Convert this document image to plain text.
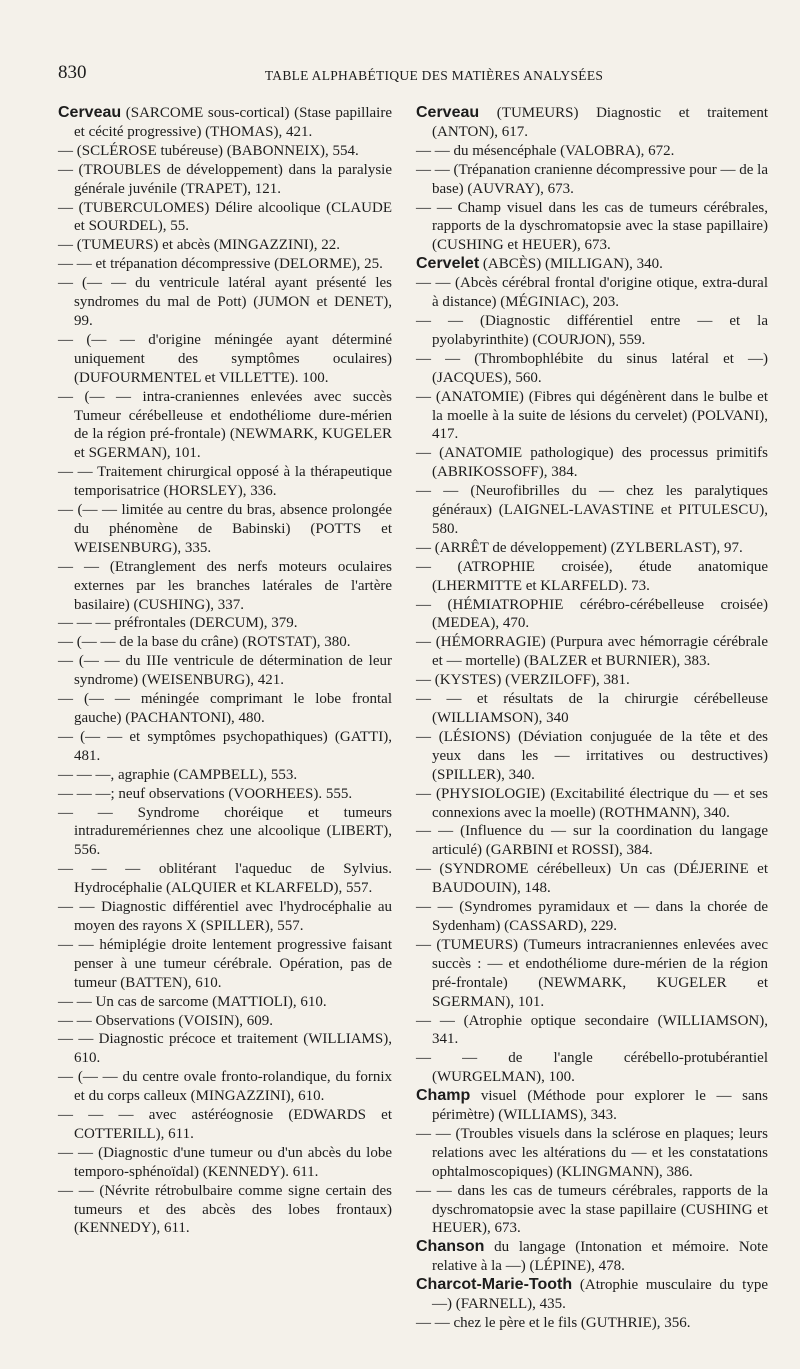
830	TABLE ALPHABÉTIQUE DES MATIÈRES ANALYSÉES

Cerveau (SARCOME sous-cortical) (Stase papillaire et cécité progressive) (THOMAS), 421.

— (SCLÉROSE tubéreuse) (BABONNEIX), 554.

— (TROUBLES de développement) dans la paralysie générale juvénile (TRAPET), 121.

— (TUBERCULOMES) Délire alcoolique (CLAUDE et SOURDEL), 55.

— (TUMEURS) et abcès (MINGAZZINI), 22.

— — et trépanation décompressive (DELORME), 25.

— (— — du ventricule latéral ayant présenté les syndromes du mal de Pott) (JUMON et DENET), 99.

— (— — d'origine méningée ayant déterminé uniquement des symptômes oculaires) (DUFOURMENTEL et VILLETTE). 100.

— (— — intra-craniennes enlevées avec succès Tumeur cérébelleuse et endothéliome dure-mérien de la région pré-frontale) (NEWMARK, KUGELER et SGERMAN), 101.

— — Traitement chirurgical opposé à la thérapeutique temporisatrice (HORSLEY), 336.

— (— — limitée au centre du bras, absence prolongée du phénomène de Babinski) (POTTS et WEISENBURG), 335.

— — (Etranglement des nerfs moteurs oculaires externes par les branches latérales de l'artère basilaire) (CUSHING), 337.

— — — préfrontales (DERCUM), 379.

— (— — de la base du crâne) (ROTSTAT), 380.

— (— — du IIIe ventricule de détermination de leur syndrome) (WEISENBURG), 421.

— (— — méningée comprimant le lobe frontal gauche) (PACHANTONI), 480.

— (— — et symptômes psychopathiques) (GATTI), 481.

— — —, agraphie (CAMPBELL), 553.

— — —; neuf observations (VOORHEES). 555.

— — Syndrome choréique et tumeurs intraduremériennes chez une alcoolique (LIBERT), 556.

— — — oblitérant l'aqueduc de Sylvius. Hydrocéphalie (ALQUIER et KLARFELD), 557.

— — Diagnostic différentiel avec l'hydrocéphalie au moyen des rayons X (SPILLER), 557.

— — hémiplégie droite lentement progressive faisant penser à une tumeur cérébrale. Opération, pas de tumeur (BATTEN), 610.

— — Un cas de sarcome (MATTIOLI), 610.

— — Observations (VOISIN), 609.

— — Diagnostic précoce et traitement (WILLIAMS), 610.

— (— — du centre ovale fronto-rolandique, du fornix et du corps calleux (MINGAZZINI), 610.

— — — avec astéréognosie (EDWARDS et COTTERILL), 611.

— — (Diagnostic d'une tumeur ou d'un abcès du lobe temporo-sphénoïdal) (KENNEDY). 611.

— — (Névrite rétrobulbaire comme signe certain des tumeurs et des abcès des lobes frontaux) (KENNEDY), 611.

Cerveau (TUMEURS) Diagnostic et traitement (ANTON), 617.

— — du mésencéphale (VALOBRA), 672.

— — (Trépanation cranienne décompressive pour — de la base) (AUVRAY), 673.

— — Champ visuel dans les cas de tumeurs cérébrales, rapports de la dyschromatopsie avec la stase papillaire) (CUSHING et HEUER), 673.

Cervelet (ABCÈS) (MILLIGAN), 340.

— — (Abcès cérébral frontal d'origine otique, extra-dural à distance) (MÉGINIAC), 203.

— — (Diagnostic différentiel entre — et la pyolabyrinthite) (COURJON), 559.

— — (Thrombophlébite du sinus latéral et —) (JACQUES), 560.

— (ANATOMIE) (Fibres qui dégénèrent dans le bulbe et la moelle à la suite de lésions du cervelet) (POLVANI), 417.

— (ANATOMIE pathologique) des processus primitifs (ABRIKOSSOFF), 384.

— — (Neurofibrilles du — chez les paralytiques généraux) (LAIGNEL-LAVASTINE et PITULESCU), 580.

— (ARRÊT de développement) (ZYLBERLAST), 97.

— (ATROPHIE croisée), étude anatomique (LHERMITTE et KLARFELD). 73.

— (HÉMIATROPHIE cérébro-cérébelleuse croisée) (MEDEA), 470.

— (HÉMORRAGIE) (Purpura avec hémorragie cérébrale et — mortelle) (BALZER et BURNIER), 383.

— (KYSTES) (VERZILOFF), 381.

— — et résultats de la chirurgie cérébelleuse (WILLIAMSON), 340

— (LÉSIONS) (Déviation conjuguée de la tête et des yeux dans les — irritatives ou destructives) (SPILLER), 340.

— (PHYSIOLOGIE) (Excitabilité électrique du — et ses connexions avec la moelle) (ROTHMANN), 340.

— — (Influence du — sur la coordination du langage articulé) (GARBINI et ROSSI), 384.

— (SYNDROME cérébelleux) Un cas (DÉJERINE et BAUDOUIN), 148.

— — (Syndromes pyramidaux et — dans la chorée de Sydenham) (CASSARD), 229.

— (TUMEURS) (Tumeurs intracraniennes enlevées avec succès : — et endothéliome dure-mérien de la région pré-frontale) (NEWMARK, KUGELER et SGERMAN), 101.

— — (Atrophie optique secondaire (WILLIAMSON), 341.

— — de l'angle cérébello-protubérantiel (WURGELMAN), 100.

Champ visuel (Méthode pour explorer le — sans périmètre) (WILLIAMS), 343.

— — (Troubles visuels dans la sclérose en plaques; leurs relations avec les altérations du — et les constatations ophtalmoscopiques) (KLINGMANN), 386.

— — dans les cas de tumeurs cérébrales, rapports de la dyschromatopsie avec la stase papillaire (CUSHING et HEUER), 673.

Chanson du langage (Intonation et mémoire. Note relative à la —) (LÉPINE), 478.

Charcot-Marie-Tooth (Atrophie musculaire du type —) (FARNELL), 435.

— — chez le père et le fils (GUTHRIE), 356.
